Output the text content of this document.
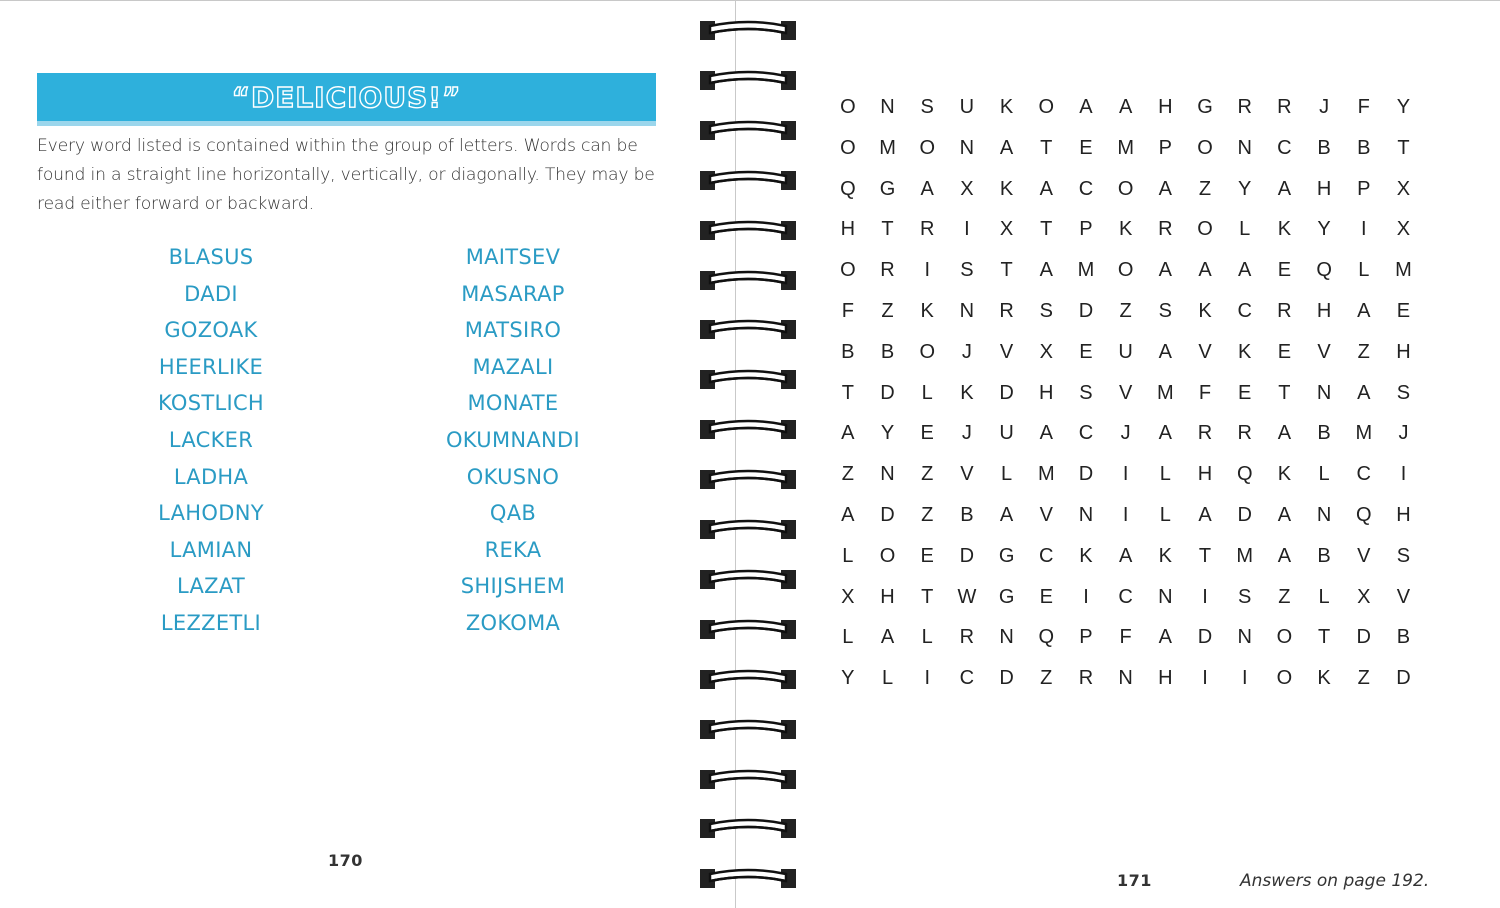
“DELICIOUS!”
Every word listed is contained within the group of letters. Words can be found in a straight line horizontally, vertically, or diagonally. They may be read either forward or backward.
BLASUS
DADI
GOZOAK
HEERLIKE
KOSTLICH
LACKER
LADHA
LAHODNY
LAMIAN
LAZAT
LEZZETLI
MAITSEV
MASARAP
MATSIRO
MAZALI
MONATE
OKUMNANDI
OKUSNO
QAB
REKA
SHIJSHEM
ZOKOMA
170
O	N	S	U	K	O	A	A	H	G	R	R	J	F	Y
O	M	O	N	A	T	E	M	P	O	N	C	B	B	T
Q	G	A	X	K	A	C	O	A	Z	Y	A	H	P	X
H	T	R	I	X	T	P	K	R	O	L	K	Y	I	X
O	R	I	S	T	A	M	O	A	A	A	E	Q	L	M
F	Z	K	N	R	S	D	Z	S	K	C	R	H	A	E
B	B	O	J	V	X	E	U	A	V	K	E	V	Z	H
T	D	L	K	D	H	S	V	M	F	E	T	N	A	S
A	Y	E	J	U	A	C	J	A	R	R	A	B	M	J
Z	N	Z	V	L	M	D	I	L	H	Q	K	L	C	I
A	D	Z	B	A	V	N	I	L	A	D	A	N	Q	H
L	O	E	D	G	C	K	A	K	T	M	A	B	V	S
X	H	T	W	G	E	I	C	N	I	S	Z	L	X	V
L	A	L	R	N	Q	P	F	A	D	N	O	T	D	B
Y	L	I	C	D	Z	R	N	H	I	I	O	K	Z	D
171	Answers on page 192.
